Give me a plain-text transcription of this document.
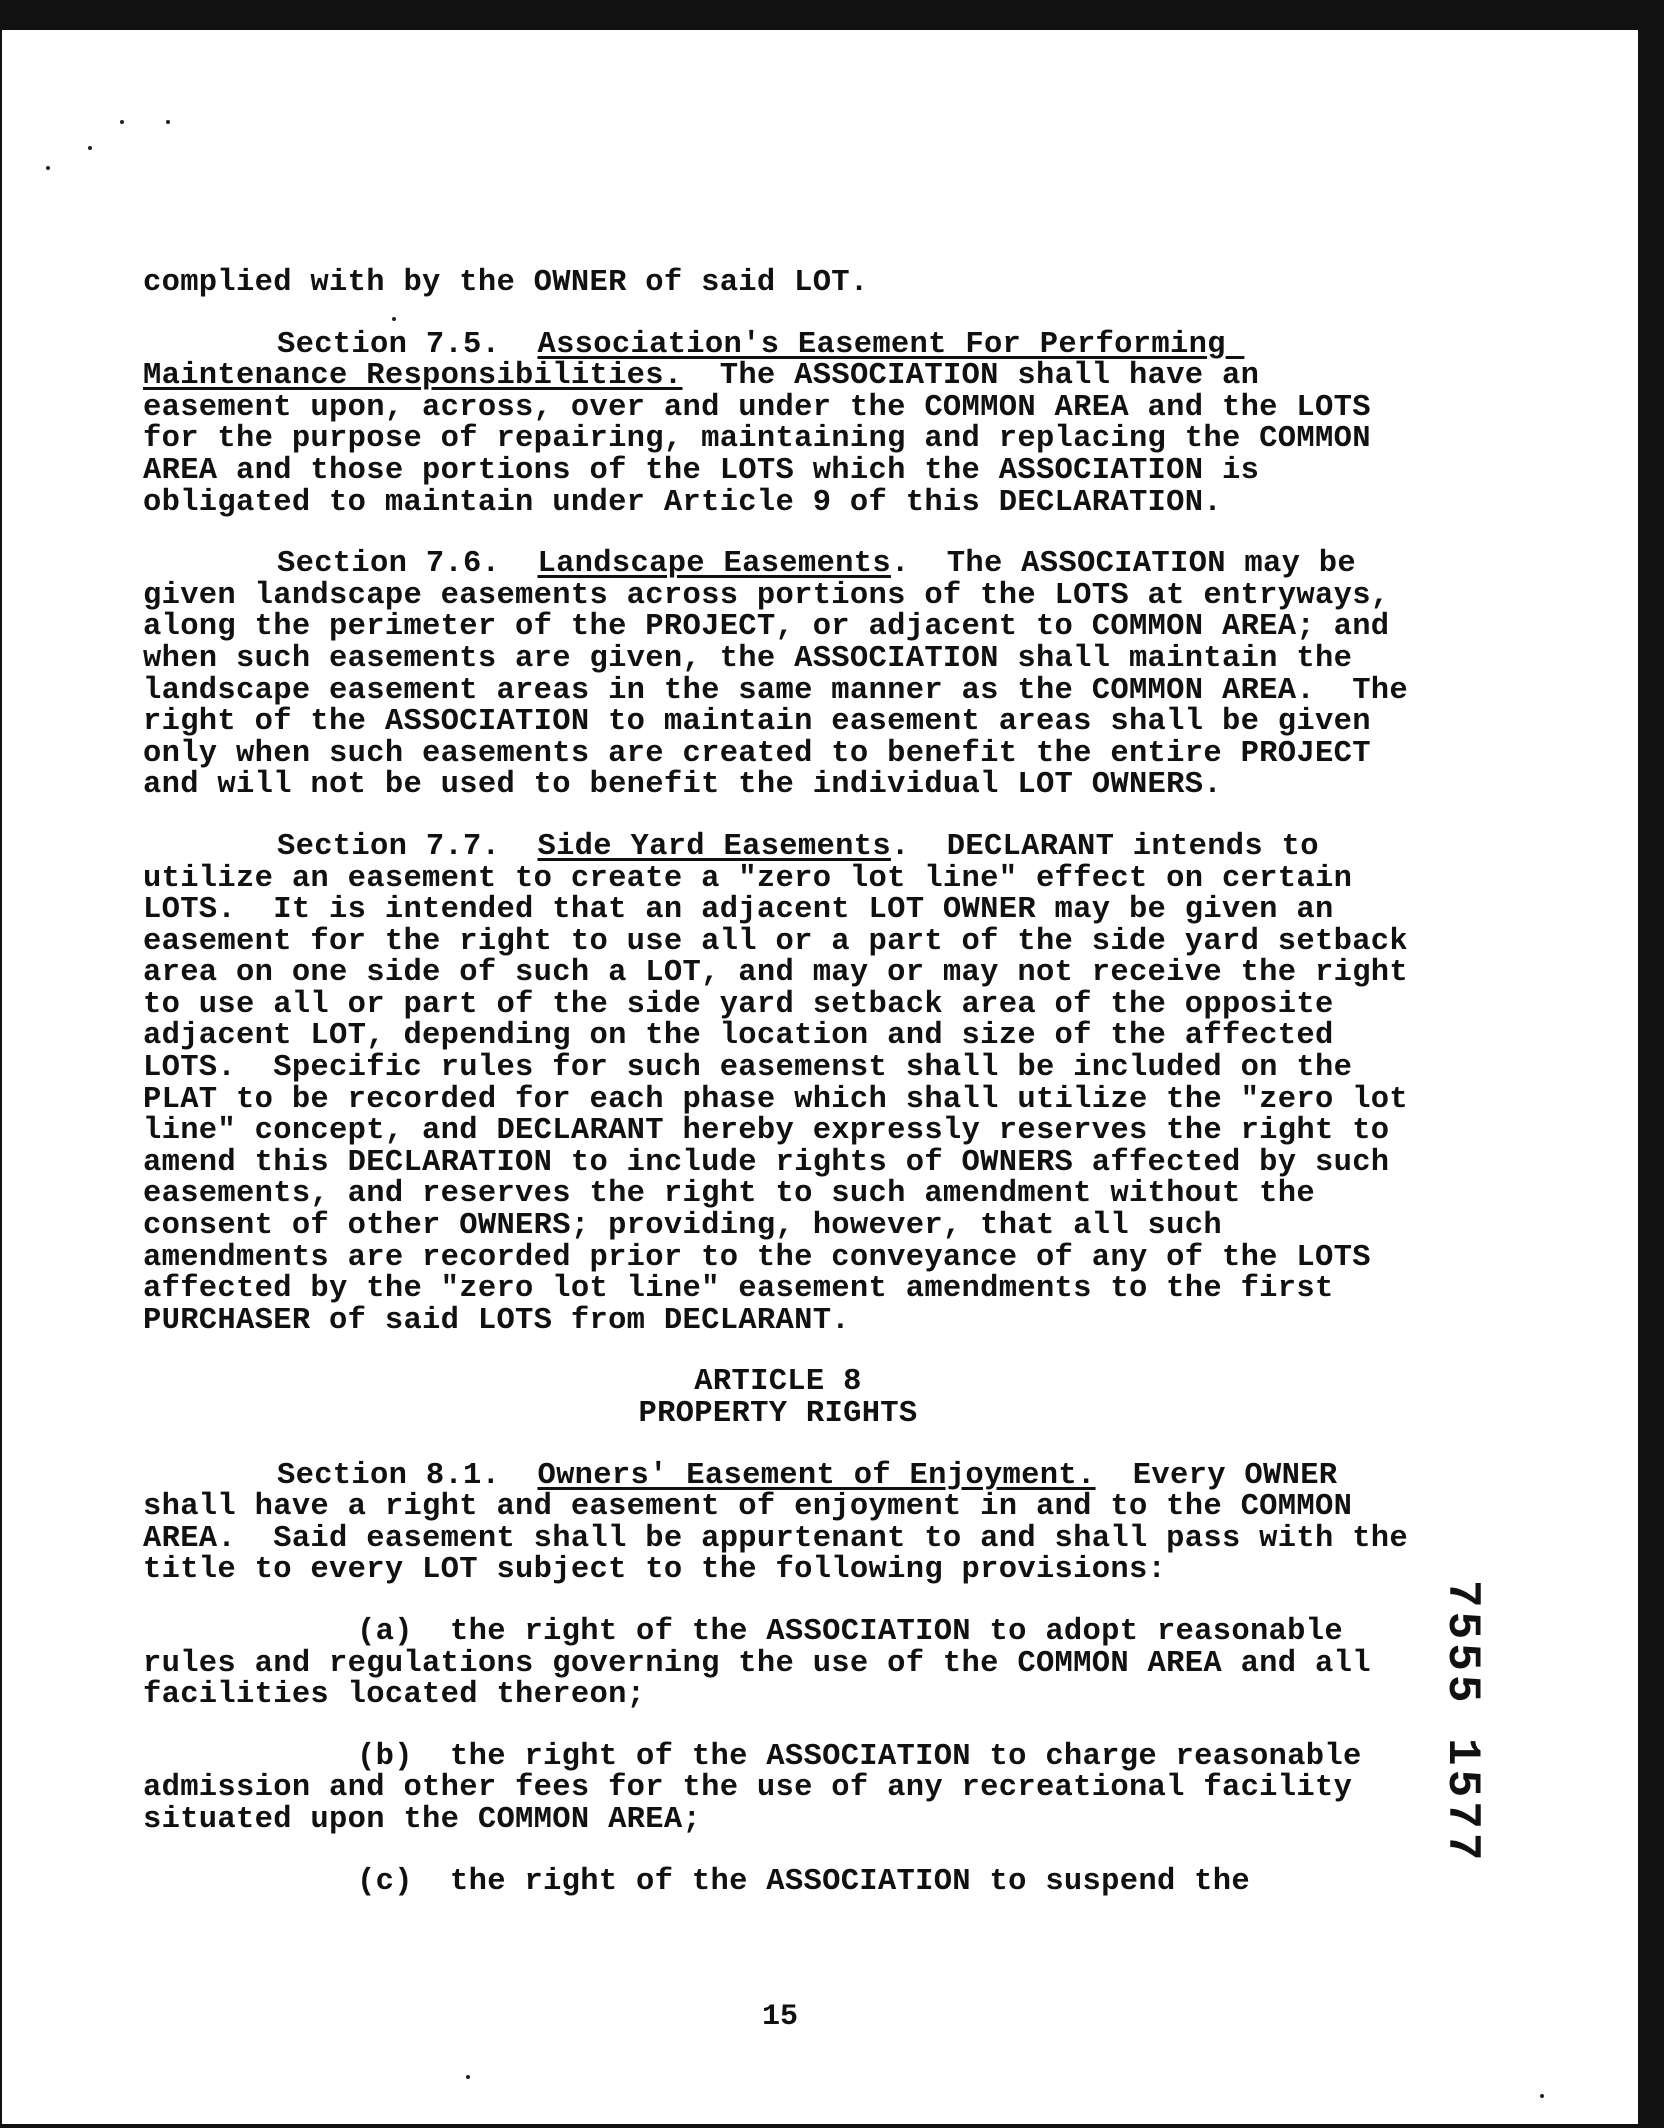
complied with by the OWNER of said LOT.

Section 7.5. Association's Easement For Performing Maintenance Responsibilities. The ASSOCIATION shall have an easement upon, across, over and under the COMMON AREA and the LOTS for the purpose of repairing, maintaining and replacing the COMMON AREA and those portions of the LOTS which the ASSOCIATION is obligated to maintain under Article 9 of this DECLARATION.

Section 7.6. Landscape Easements.  The ASSOCIATION may be given landscape easements across portions of the LOTS at entryways, along the perimeter of the PROJECT, or adjacent to COMMON AREA; and when such easements are given, the ASSOCIATION shall maintain the landscape easement areas in the same manner as the COMMON AREA.  The right of the ASSOCIATION to maintain easement areas shall be given only when such easements are created to benefit the entire PROJECT and will not be used to benefit the individual LOT OWNERS.

Section 7.7. Side Yard Easements.  DECLARANT intends to utilize an easement to create a "zero lot line" effect on certain LOTS.  It is intended that an adjacent LOT OWNER may be given an easement for the right to use all or a part of the side yard setback area on one side of such a LOT, and may or may not receive the right to use all or part of the side yard setback area of the opposite adjacent LOT, depending on the location and size of the affected LOTS.  Specific rules for such easemenst shall be included on the PLAT to be recorded for each phase which shall utilize the "zero lot line" concept, and DECLARANT hereby expressly reserves the right to amend this DECLARATION to include rights of OWNERS affected by such easements, and reserves the right to such amendment without the consent of other OWNERS; providing, however, that all such amendments are recorded prior to the conveyance of any of the LOTS affected by the "zero lot line" easement amendments to the first PURCHASER of said LOTS from DECLARANT.

ARTICLE 8
PROPERTY RIGHTS

Section 8.1. Owners' Easement of Enjoyment. Every OWNER shall have a right and easement of enjoyment in and to the COMMON AREA.  Said easement shall be appurtenant to and shall pass with the title to every LOT subject to the following provisions:

(a) the right of the ASSOCIATION to adopt reasonable rules and regulations governing the use of the COMMON AREA and all facilities located thereon;

(b) the right of the ASSOCIATION to charge reasonable admission and other fees for the use of any recreational facility situated upon the COMMON AREA;

(c) the right of the ASSOCIATION to suspend the

7555 1577
15
